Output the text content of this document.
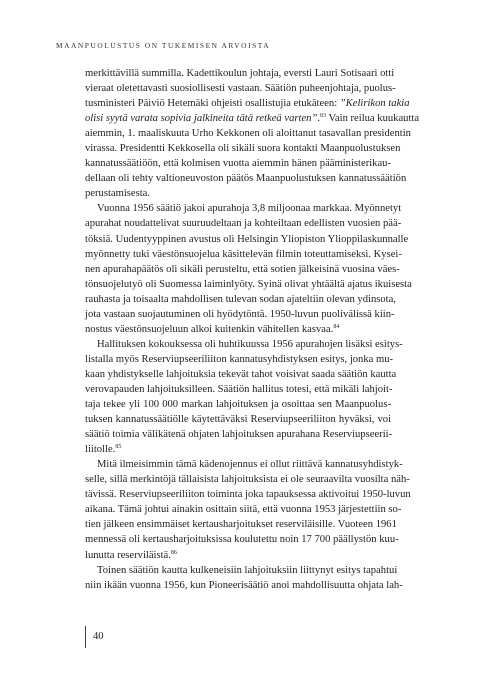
MAANPUOLUSTUS ON TUKEMISEN ARVOISTA
merkittävillä summilla. Kadettikoulun johtaja, eversti Lauri Sotisaari otti
vieraat oletettavasti suosiollisesti vastaan. Säätiön puheenjohtaja, puolus-
tusministeri Päiviö Hetemäki ohjeisti osallistujia etukäteen: ”Kelirikon takia
olisi syytä varata sopivia jalkineita tätä retkeä varten”.$^{83}$ Vain reilua kuukautta
aiemmin, 1. maaliskuuta Urho Kekkonen oli aloittanut tasavallan presidentin
virassa. Presidentti Kekkosella oli sikäli suora kontakti Maanpuolustuksen
kannatussäätiöön, että kolmisen vuotta aiemmin hänen pääministerikau-
dellaan oli tehty valtioneuvoston päätös Maanpuolustuksen kannatussäätiön
perustamisesta.
Vuonna 1956 säätiö jakoi apurahoja 3,8 miljoonaa markkaa. Myönnetyt
apurahat noudattelivat suuruudeltaan ja kohteiltaan edellisten vuosien pää-
töksiä. Uudentyyppinen avustus oli Helsingin Yliopiston Ylioppilaskunnalle
myönnetty tuki väestönsuojelua käsittelevän filmin toteuttamiseksi. Kysei-
nen apurahapäätös oli sikäli perusteltu, että sotien jälkeisinä vuosina väes-
tönsuojelutyö oli Suomessa laiminlyöty. Syinä olivat yhtäältä ajatus ikuisesta
rauhasta ja toisaalta mahdollisen tulevan sodan ajateltiin olevan ydinsota,
jota vastaan suojautuminen oli hyödytöntä. 1950-luvun puolivälissä kiin-
nostus väestönsuojeluun alkoi kuitenkin vähitellen kasvaa.$^{84}$
Hallituksen kokouksessa oli huhtikuussa 1956 apurahojen lisäksi esitys-
listalla myös Reserviupseeriliiton kannatusyhdistyksen esitys, jonka mu-
kaan yhdistykselle lahjoituksia tekevät tahot voisivat saada säätiön kautta
verovapauden lahjoituksilleen. Säätiön hallitus totesi, että mikäli lahjoit-
taja tekee yli 100 000 markan lahjoituksen ja osoittaa sen Maanpuolus-
tuksen kannatussäätiölle käytettäväksi Reserviupseeriliiton hyväksi, voi
säätiö toimia välikätenä ohjaten lahjoituksen apurahana Reserviupseerii-
liitolle.$^{85}$
Mitä ilmeisimmin tämä kädenojennus ei ollut riittävä kannatusyhdistyk-
selle, sillä merkintöjä tällaisista lahjoituksista ei ole seuraavilta vuosilta näh-
tävissä. Reserviupseeriliiton toiminta joka tapauksessa aktivoitui 1950-luvun
aikana. Tämä johtui ainakin osittain siitä, että vuonna 1953 järjestettiin so-
tien jälkeen ensimmäiset kertausharjoitukset reserviläisille. Vuoteen 1961
mennessä oli kertausharjoituksissa koulutettu noin 17 700 päällystön kuu-
lunutta reserviläistä.$^{86}$
Toinen säätiön kautta kulkeneisiin lahjoituksiin liittynyt esitys tapahtui
niin ikään vuonna 1956, kun Pioneerisäätiö anoi mahdollisuutta ohjata lah-
40
